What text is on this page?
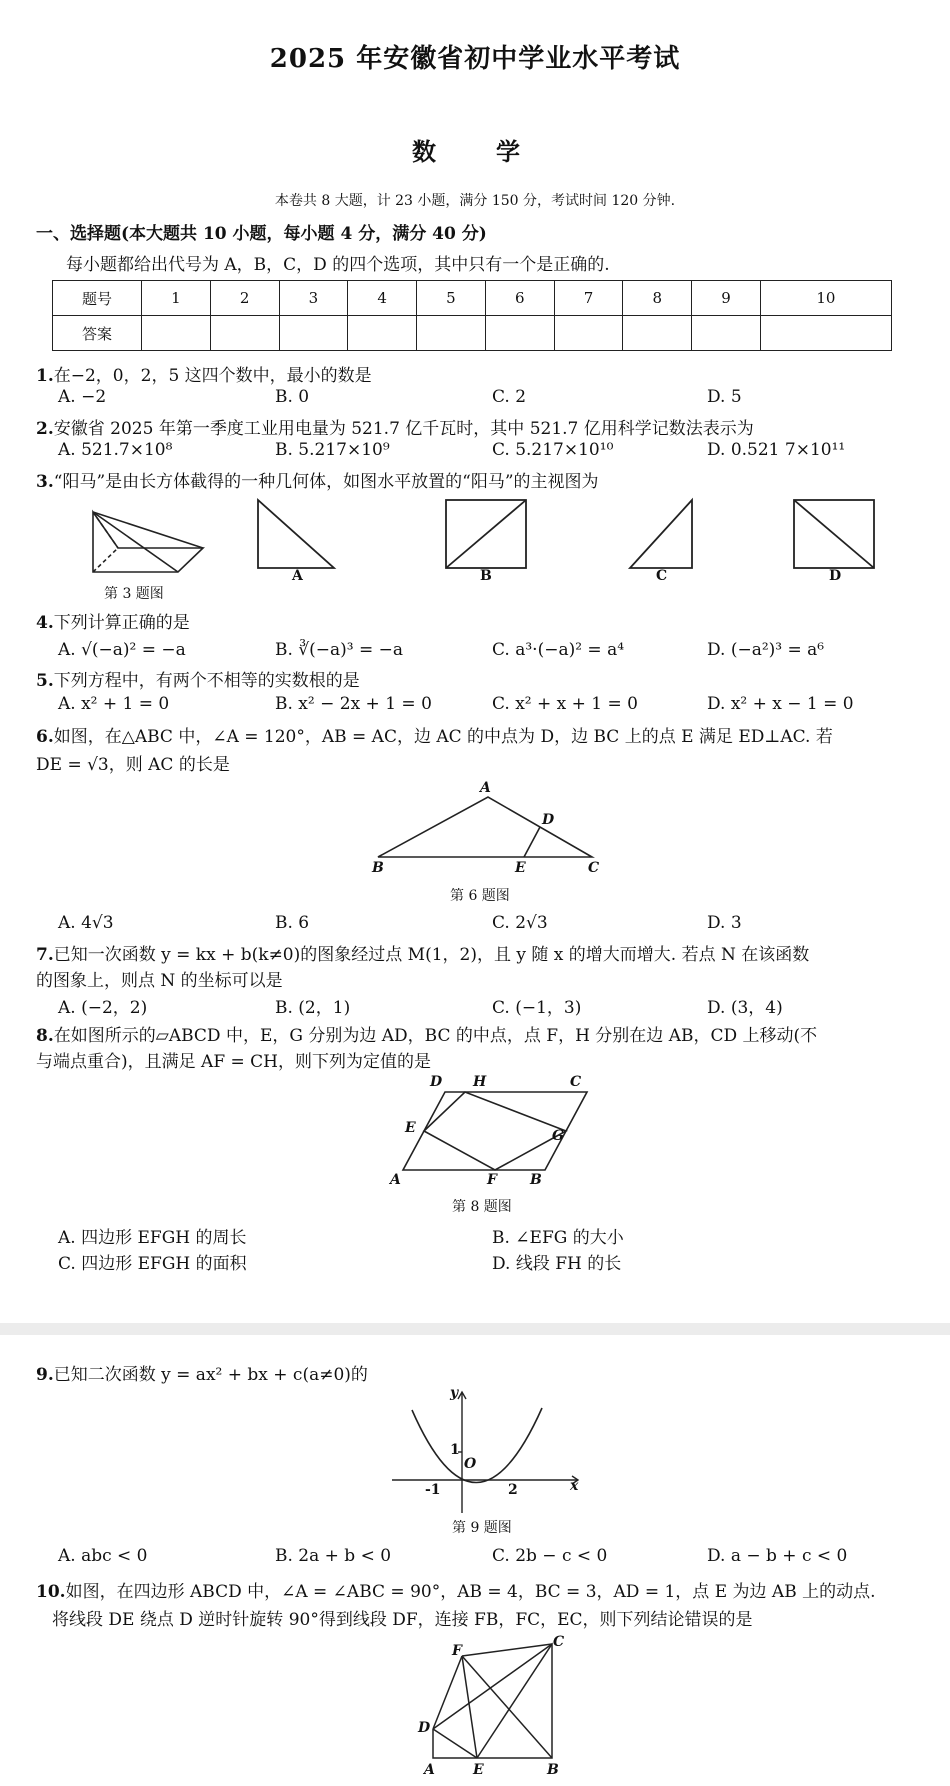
2025 年安徽省初中学业水平考试
数　学
本卷共 8 大题，计 23 小题，满分 150 分，考试时间 120 分钟.
一、选择题(本大题共 10 小题，每小题 4 分，满分 40 分)
每小题都给出代号为 A，B，C，D 的四个选项，其中只有一个是正确的.
题号	1	2	3	4	5	6	7	8	9	10
答案										
1.在−2，0，2，5 这四个数中，最小的数是
A. −2	B. 0	C. 2	D. 5
2.安徽省 2025 年第一季度工业用电量为 521.7 亿千瓦时，其中 521.7 亿用科学记数法表示为
A. 521.7×10⁸	B. 5.217×10⁹	C. 5.217×10¹⁰	D. 0.521 7×10¹¹
3.“阳马”是由长方体截得的一种几何体，如图水平放置的“阳马”的主视图为
第 3 题图
A	B	C	D
4.下列计算正确的是
A. √(−a)² = −a	B. ∛(−a)³ = −a	C. a³·(−a)² = a⁴	D. (−a²)³ = a⁶
5.下列方程中，有两个不相等的实数根的是
A. x² + 1 = 0	B. x² − 2x + 1 = 0	C. x² + x + 1 = 0	D. x² + x − 1 = 0
6.如图，在△ABC 中，∠A = 120°，AB = AC，边 AC 的中点为 D，边 BC 上的点 E 满足 ED⊥AC. 若
DE = √3，则 AC 的长是
A
B	C
D
E
第 6 题图
A. 4√3	B. 6	C. 2√3	D. 3
7.已知一次函数 y = kx + b(k≠0)的图象经过点 M(1，2)，且 y 随 x 的增大而增大. 若点 N 在该函数
的图象上，则点 N 的坐标可以是
A. (−2，2)	B. (2，1)	C. (−1，3)	D. (3，4)
8.在如图所示的▱ABCD 中，E，G 分别为边 AD，BC 的中点，点 F，H 分别在边 AB，CD 上移动(不
与端点重合)，且满足 AF = CH，则下列为定值的是
A	B
C
D
E
F
G
H
第 8 题图
A. 四边形 EFGH 的周长	B. ∠EFG 的大小
C. 四边形 EFGH 的面积	D. 线段 FH 的长
9.已知二次函数 y = ax² + bx + c(a≠0)的
y
x
O
-1	2
1
第 9 题图
A. abc < 0	B. 2a + b < 0	C. 2b − c < 0	D. a − b + c < 0
10.如图，在四边形 ABCD 中，∠A = ∠ABC = 90°，AB = 4，BC = 3，AD = 1，点 E 为边 AB 上的动点.
将线段 DE 绕点 D 逆时针旋转 90°得到线段 DF，连接 FB，FC，EC，则下列结论错误的是
A	B
C
D
E
F
